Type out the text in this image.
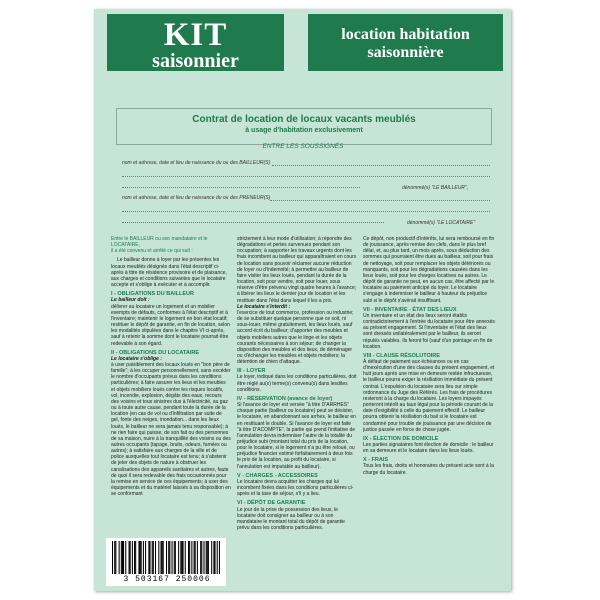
KIT
saisonnier
location habitation
saisonnière
Contrat de location de locaux vacants meublés
à usage d'habitation exclusivement
ENTRE LES SOUSSIGNÉS
nom et adresse, date et lieu de naissance du ou des BAILLEUR(S)
dénommé(s) "LE BAILLEUR",
nom et adresse, date et lieu de naissance du ou des PRENEUR(S)
dénommé(s) "LE LOCATAIRE"
Entre le BAILLEUR ou son mandataire et le LOCATAIRE,
il a été convenu et arrêté ce qui suit :
Le bailleur donne à loyer par les présentes les locaux meublés désignés dans l'état descriptif ci-après à titre de résidence provisoire et de plaisance, aux charges et conditions suivantes que le locataire accepte et s'oblige à exécuter et à accomplir.
I - OBLIGATIONS DU BAILLEUR
Le bailleur doit :
délivrer au locataire un logement et un mobilier exempts de défauts, conformes à l'état descriptif et à l'inventaire; maintenir le logement en bon état locatif; restituer le dépôt de garantie, en fin de location, selon les modalités stipulées dans le chapitre VI ci-après, sauf à retenir la somme dont le locataire pourrait être redevable à son égard.
II - OBLIGATIONS DU LOCATAIRE
Le locataire s'oblige :
à user paisiblement des locaux loués en "bon père de famille"; à les occuper personnellement, sans excéder le nombre d'occupants prévus dans les conditions particulières; à faire assurer les lieux et les meubles et objets mobiliers loués contre les risques locatifs, vol, incendie, explosion, dégâts des eaux, recours des voisins et tous sinistres dus à l'électricité, au gaz ou à toute autre cause, pendant toute la durée de la location (en cas de vol ou d'infiltration par suite de gel, fonte des neiges, inondation... dans les lieux loués, le bailleur ne sera jamais tenu responsable); à ne rien faire qui puisse, de son fait ou des personnes de sa maison, nuire à la tranquillité des voisins ou des autres occupants (tapage, bruits, odeurs, fumées ou autres); à satisfaire aux charges de la ville et de police auxquelles tout locataire est tenu; à s'abstenir de jeter des objets de nature à obstruer les canalisations des appareils sanitaires et autres, faute de quoi il sera redevable des frais occasionnés pour la remise en service de ces équipements; à user des équipements et du matériel laissés à sa disposition en se conformant
strictement à leur mode d'utilisation; à répondre des dégradations et pertes survenues pendant son occupation; à supporter les travaux urgents dont les frais incombent au bailleur qui apparaîtraient en cours de location sans pouvoir réclamer aucune réduction de loyer ou d'indemnité; à permettre au bailleur de faire visiter les lieux loués, pendant la durée de la location, soit pour vendre, soit pour louer, sous réserve d'être prévenu vingt quatre heures à l'avance; à libérer les lieux le dernier jour de location et les restituer dans l'état dans lequel il les a pris.
Le locataire s'interdit :
l'exercice de tout commerce, profession ou industrie; de se substituer quelque personne que ce soit, ni sous-louer, même gratuitement, les lieux loués, sauf accord écrit du bailleur; d'apporter des meubles et objets mobiliers autres que le linge et les objets courants nécessaires à son séjour; de changer la disposition des meubles et des lieux, de déménager ou d'échanger les meubles et objets mobiliers; la détention de chien d'attaque.
III - LOYER
Le loyer, indiqué dans les conditions particulières, doit être réglé au(x) terme(s) convenu(s) dans lesdites conditions.
IV - RÉSERVATION (avance de loyer)
Si l'avance de loyer est versée "à titre D'ARRHES" chaque partie (bailleur ou locataire) peut se désister, le locataire, en abandonnant ses arrhes, le bailleur en en restituant le double. Si l'avance de loyer est faite "à titre D'ACOMPTE", la partie qui prend l'initiative de l'annulation devra indemniser l'autre de la totalité du préjudice subi (montant total du prix de la location, pour le locataire, si le logement n'a pu être reloué, ou préjudice financier estimé forfaitairement à deux fois le prix de la location, au profit du locataire, si l'annulation est imputable au bailleur).
V - CHARGES - ACCESSOIRES
Le locataire devra acquitter les charges qui lui incombent fixées dans les conditions particulières ci-après et la taxe de séjour, s'il y a lieu.
VI - DÉPÔT DE GARANTIE
Le jour de la prise de possession des lieux, le locataire doit consigner au bailleur ou à son mandataire le montant total du dépôt de garantie prévu dans les conditions particulières.
Ce dépôt, non productif d'intérêts, lui sera remboursé en fin de jouissance, après remise des clefs, dans le plus bref délai, et, au plus tard, un mois après, sous déduction des sommes qui pourraient être dues au bailleur, soit pour frais de nettoyage, soit pour remplacer les objets détériorés ou manquants, soit pour les dégradations causées dans les lieux loués, soit pour les charges locatives ou autres. Le dépôt de garantie ne peut, en aucun cas, être affecté par le locataire au paiement anticipé du loyer. Le locataire s'engage à indemniser le bailleur à hauteur du préjudice subi si le dépôt s'avérait insuffisant.
VII - INVENTAIRE - ÉTAT DES LIEUX
Un inventaire et un état des lieux seront établis contradictoirement à l'entrée du locataire pour être annexés au présent engagement. Si l'inventaire et l'état des lieux sont dressés unilatéralement par le bailleur, ils seront réputés valables. Ils feront foi (sauf d'un pointage en fin de location.
VIII - CLAUSE RÉSOLUTOIRE
À défaut de paiement aux échéances ou en cas d'inexécution d'une des clauses du présent engagement, et huit jours après une mise en demeure restée infructueuse, le bailleur pourra exiger la résiliation immédiate du présent contrat. L'expulsion du locataire sera lieu sur simple ordonnance du Juge des Référés. Les frais de procédures resteront à la charge du locataire. Les loyers impayés porteront intérêt au taux légal pour la période courant de la date d'exigibilité à celle du paiement effectif. Le bailleur pourra obtenir la résiliation du bail si le locataire est condamné pour trouble de jouissance par une décision de justice passée en force de chose jugée.
IX - ÉLECTION DE DOMICILE
Les parties signataires font élection de domicile : le bailleur en sa demeure et le locataire dans les lieux loués.
X - FRAIS
Tous les frais, droits et honoraires du présent acte sont à la charge du locataire.
3 503167 250006
